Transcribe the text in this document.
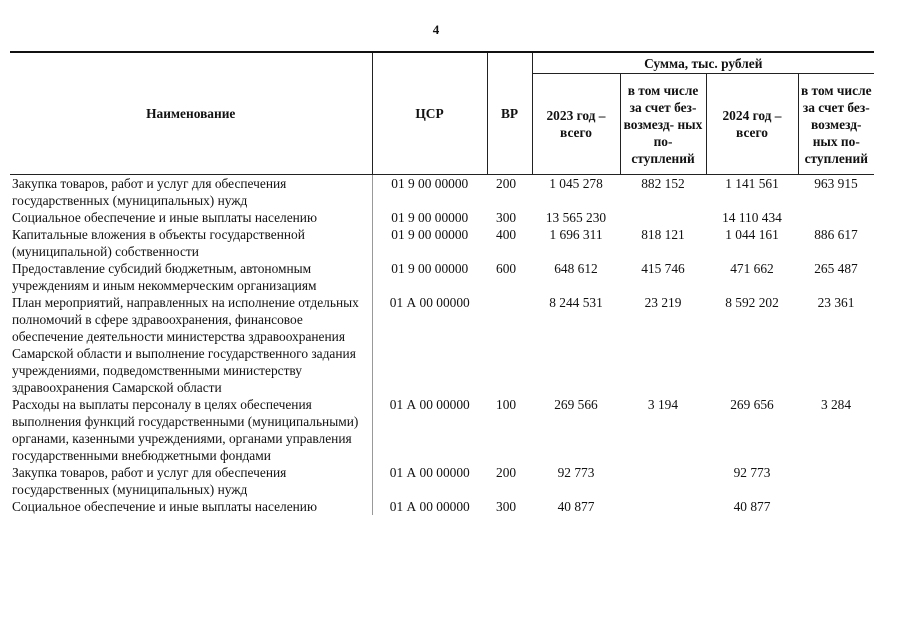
4
Наименование	ЦСР	ВР	Сумма, тыс. рублей			
			2023 год – всего	в том числе за счет без- возмезд- ных по- ступлений	2024 год – всего	в том числе за счет без- возмезд- ных по- ступлений
Закупка товаров, работ и услуг для обеспечения государственных (муниципальных) нужд	01 9 00 00000	200	1 045 278	882 152	1 141 561	963 915
Социальное обеспечение и иные выплаты населению	01 9 00 00000	300	13 565 230		14 110 434	
Капитальные вложения в объекты государственной (муниципальной) собственности	01 9 00 00000	400	1 696 311	818 121	1 044 161	886 617
Предоставление субсидий бюджетным, автономным учреждениям и иным некоммерческим организациям	01 9 00 00000	600	648 612	415 746	471 662	265 487
План мероприятий, направленных на исполнение отдельных полномочий в сфере здравоохранения, финансовое обеспечение деятельности министерства здравоохранения Самарской области и выполнение государственного задания учреждениями, подведомственными министерству здравоохранения Самарской области	01 А 00 00000		8 244 531	23 219	8 592 202	23 361
Расходы на выплаты персоналу в целях обеспечения выполнения функций государственными (муниципальными) органами, казенными учреждениями, органами управления государственными внебюджетными фондами	01 А 00 00000	100	269 566	3 194	269 656	3 284
Закупка товаров, работ и услуг для обеспечения государственных (муниципальных) нужд	01 А 00 00000	200	92 773		92 773	
Социальное обеспечение и иные выплаты населению	01 А 00 00000	300	40 877		40 877	
